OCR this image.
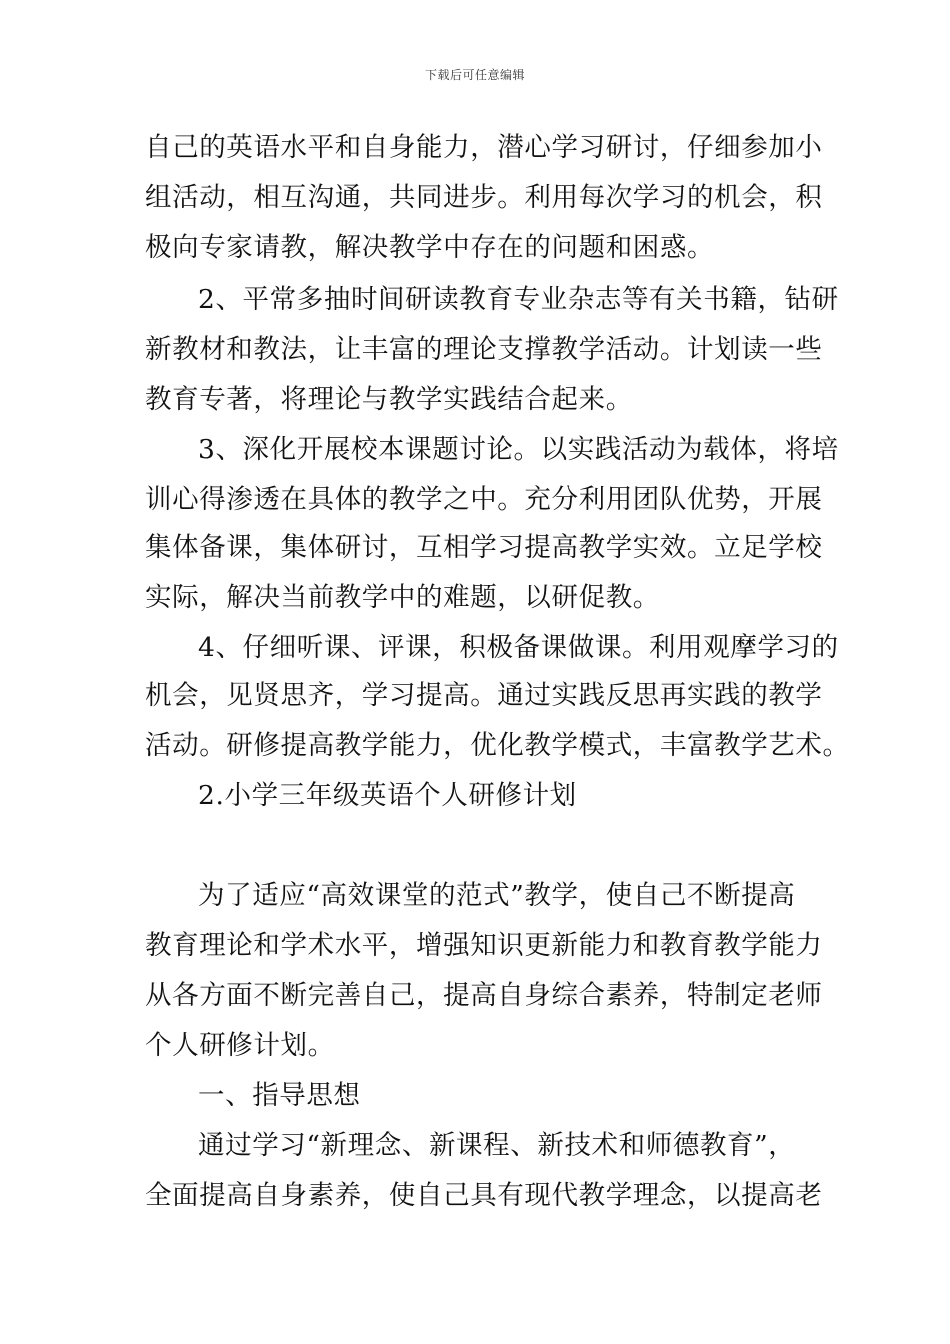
下载后可任意编辑
自己的英语水平和自身能力，潜心学习研讨，仔细参加小
组活动，相互沟通，共同进步。利用每次学习的机会，积
极向专家请教，解决教学中存在的问题和困惑。
2、平常多抽时间研读教育专业杂志等有关书籍，钻研
新教材和教法，让丰富的理论支撑教学活动。计划读一些
教育专著，将理论与教学实践结合起来。
3、深化开展校本课题讨论。以实践活动为载体，将培
训心得渗透在具体的教学之中。充分利用团队优势，开展
集体备课，集体研讨，互相学习提高教学实效。立足学校
实际，解决当前教学中的难题，以研促教。
4、仔细听课、评课，积极备课做课。利用观摩学习的
机会，见贤思齐，学习提高。通过实践反思再实践的教学
活动。研修提高教学能力，优化教学模式，丰富教学艺术。
2.小学三年级英语个人研修计划
为了适应“高效课堂的范式”教学，使自己不断提高
教育理论和学术水平，增强知识更新能力和教育教学能力
从各方面不断完善自己，提高自身综合素养，特制定老师
个人研修计划。
一、指导思想
通过学习“新理念、新课程、新技术和师德教育”，
全面提高自身素养，使自己具有现代教学理念，以提高老
